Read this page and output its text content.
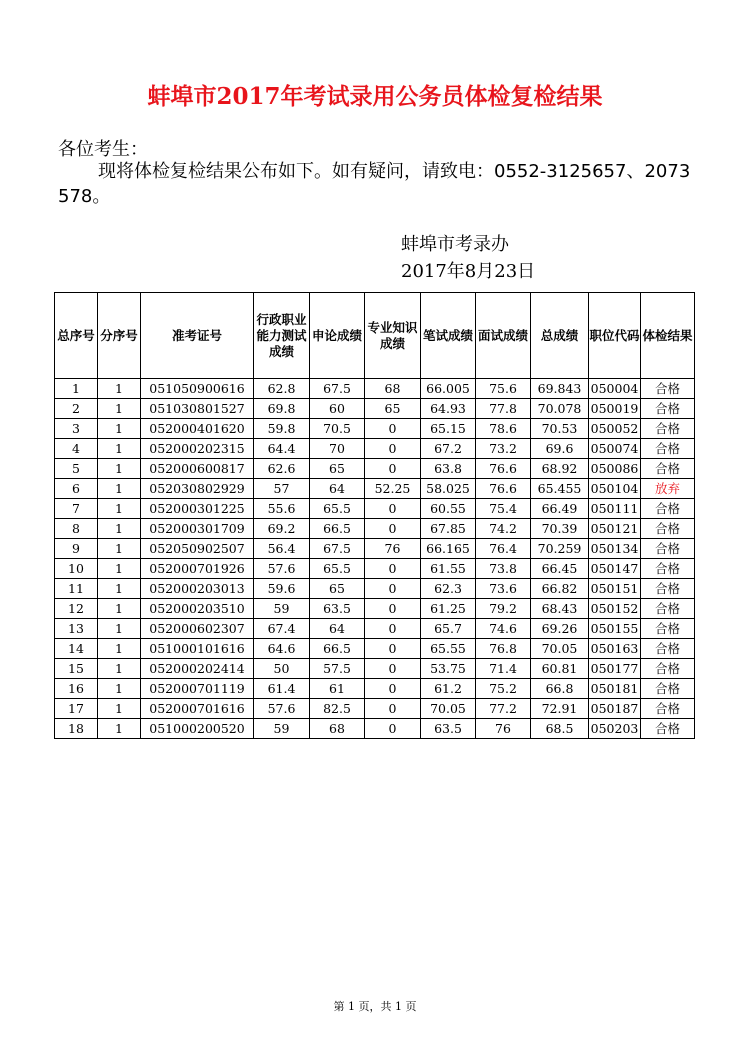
蚌埠市2017年考试录用公务员体检复检结果
各位考生：
现将体检复检结果公布如下。如有疑问，请致电：0552-3125657、2073578。
蚌埠市考录办
2017年8月23日
总序号	分序号	准考证号	行政职业能力测试成绩	申论成绩	专业知识成绩	笔试成绩	面试成绩	总成绩	职位代码	体检结果
1	1	051050900616	62.8	67.5	68	66.005	75.6	69.843	050004	合格
2	1	051030801527	69.8	60	65	64.93	77.8	70.078	050019	合格
3	1	052000401620	59.8	70.5	0	65.15	78.6	70.53	050052	合格
4	1	052000202315	64.4	70	0	67.2	73.2	69.6	050074	合格
5	1	052000600817	62.6	65	0	63.8	76.6	68.92	050086	合格
6	1	052030802929	57	64	52.25	58.025	76.6	65.455	050104	放弃
7	1	052000301225	55.6	65.5	0	60.55	75.4	66.49	050111	合格
8	1	052000301709	69.2	66.5	0	67.85	74.2	70.39	050121	合格
9	1	052050902507	56.4	67.5	76	66.165	76.4	70.259	050134	合格
10	1	052000701926	57.6	65.5	0	61.55	73.8	66.45	050147	合格
11	1	052000203013	59.6	65	0	62.3	73.6	66.82	050151	合格
12	1	052000203510	59	63.5	0	61.25	79.2	68.43	050152	合格
13	1	052000602307	67.4	64	0	65.7	74.6	69.26	050155	合格
14	1	051000101616	64.6	66.5	0	65.55	76.8	70.05	050163	合格
15	1	052000202414	50	57.5	0	53.75	71.4	60.81	050177	合格
16	1	052000701119	61.4	61	0	61.2	75.2	66.8	050181	合格
17	1	052000701616	57.6	82.5	0	70.05	77.2	72.91	050187	合格
18	1	051000200520	59	68	0	63.5	76	68.5	050203	合格
第 1 页，共 1 页
